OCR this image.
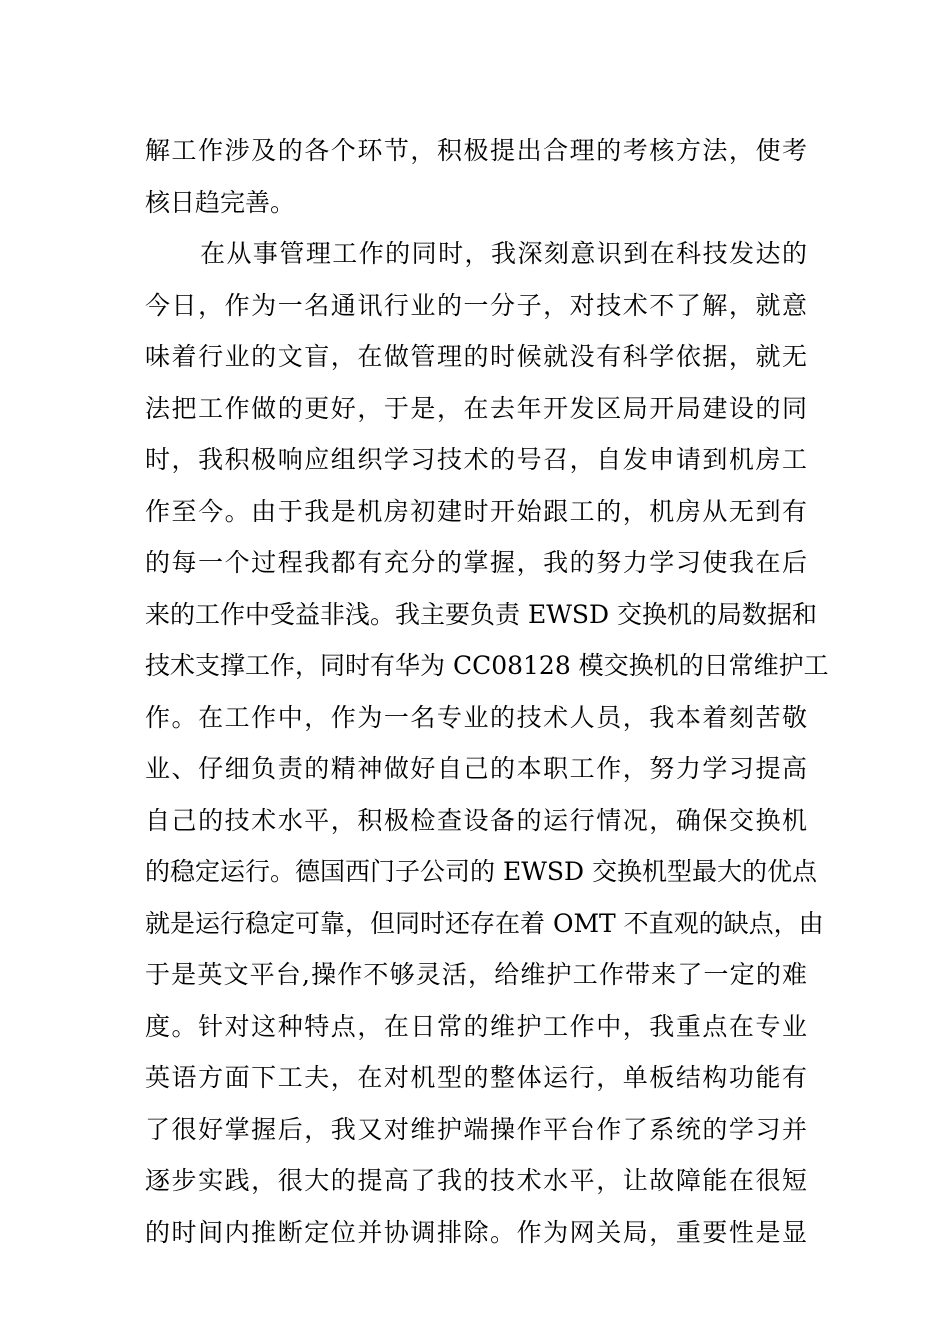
解工作涉及的各个环节，积极提出合理的考核方法，使考
核日趋完善。
在从事管理工作的同时，我深刻意识到在科技发达的
今日，作为一名通讯行业的一分子，对技术不了解，就意
味着行业的文盲，在做管理的时候就没有科学依据，就无
法把工作做的更好，于是，在去年开发区局开局建设的同
时，我积极响应组织学习技术的号召，自发申请到机房工
作至今。由于我是机房初建时开始跟工的，机房从无到有
的每一个过程我都有充分的掌握，我的努力学习使我在后
来的工作中受益非浅。我主要负责 EWSD 交换机的局数据和
技术支撑工作，同时有华为 CC08128 模交换机的日常维护工
作。在工作中，作为一名专业的技术人员，我本着刻苦敬
业、仔细负责的精神做好自己的本职工作，努力学习提高
自己的技术水平，积极检查设备的运行情况，确保交换机
的稳定运行。德国西门子公司的 EWSD 交换机型最大的优点
就是运行稳定可靠，但同时还存在着 OMT 不直观的缺点，由
于是英文平台,操作不够灵活，给维护工作带来了一定的难
度。针对这种特点，在日常的维护工作中，我重点在专业
英语方面下工夫，在对机型的整体运行，单板结构功能有
了很好掌握后，我又对维护端操作平台作了系统的学习并
逐步实践，很大的提高了我的技术水平，让故障能在很短
的时间内推断定位并协调排除。作为网关局，重要性是显
